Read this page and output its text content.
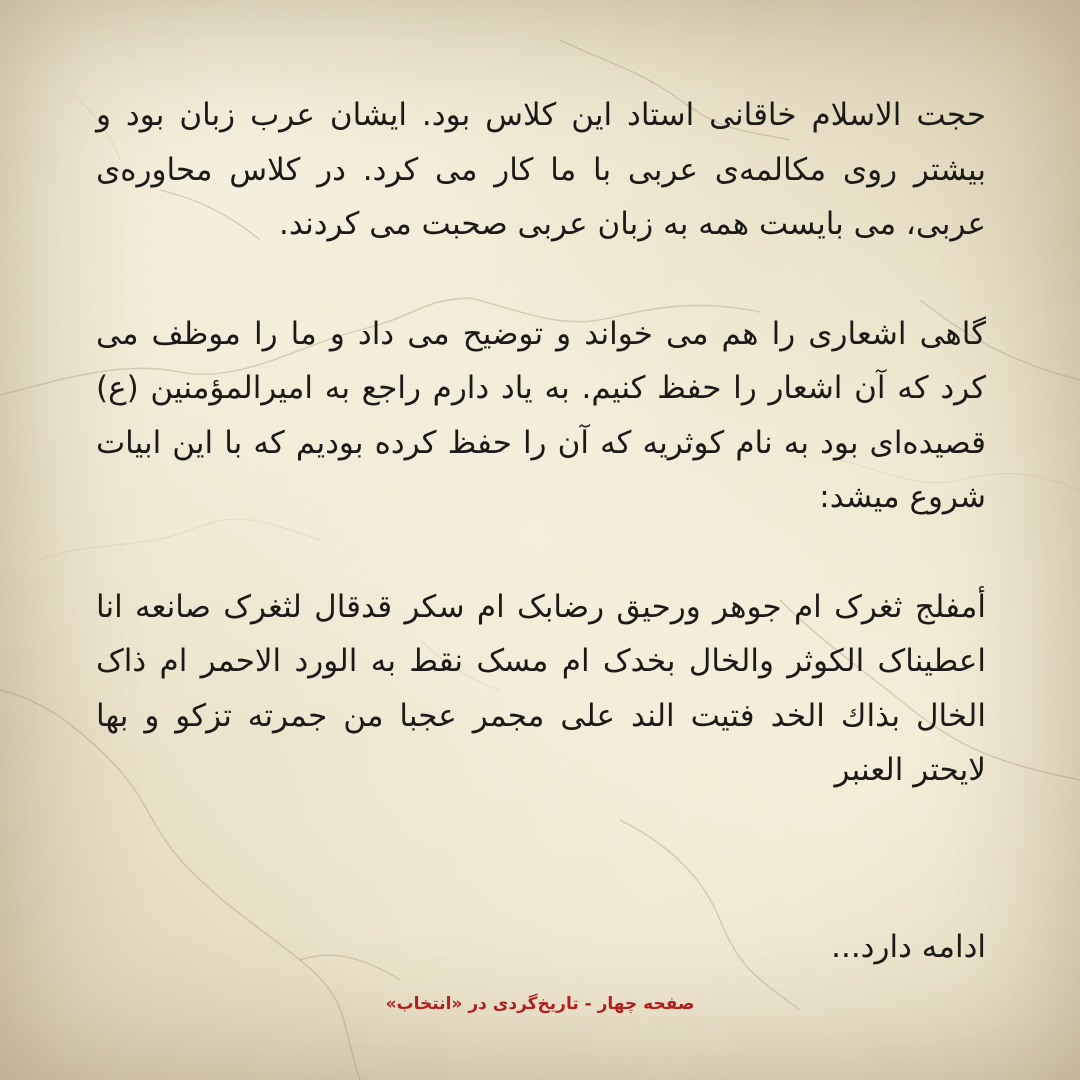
حجت الاسلام خاقانی استاد این کلاس بود. ایشان عرب زبان بود و بیشتر روی مکالمه‌ی عربی با ما کار می کرد. در کلاس محاوره‌ی عربی، می بایست همه به زبان عربی صحبت می کردند.

گاهی اشعاری را هم می خواند و توضیح می داد و ما را موظف می کرد که آن اشعار را حفظ کنیم. به یاد دارم راجع به امیرالمؤمنین (ع) قصیده‌ای بود به نام کوثریه که آن را حفظ کرده بودیم که با این ابیات شروع میشد:

أمفلج ثغرک ام جوهر ورحیق رضابک ام سکر قدقال لثغرک صانعه انا اعطیناک الکوثر والخال بخدک ام مسک نقط به الورد الاحمر ام ذاک الخال بذاك الخد فتیت الند علی مجمر عجبا من جمرته تزکو و بها لایحتر العنبر

ادامه دارد...
صفحه چهار - تاریخ‌گردی در «انتخاب»
